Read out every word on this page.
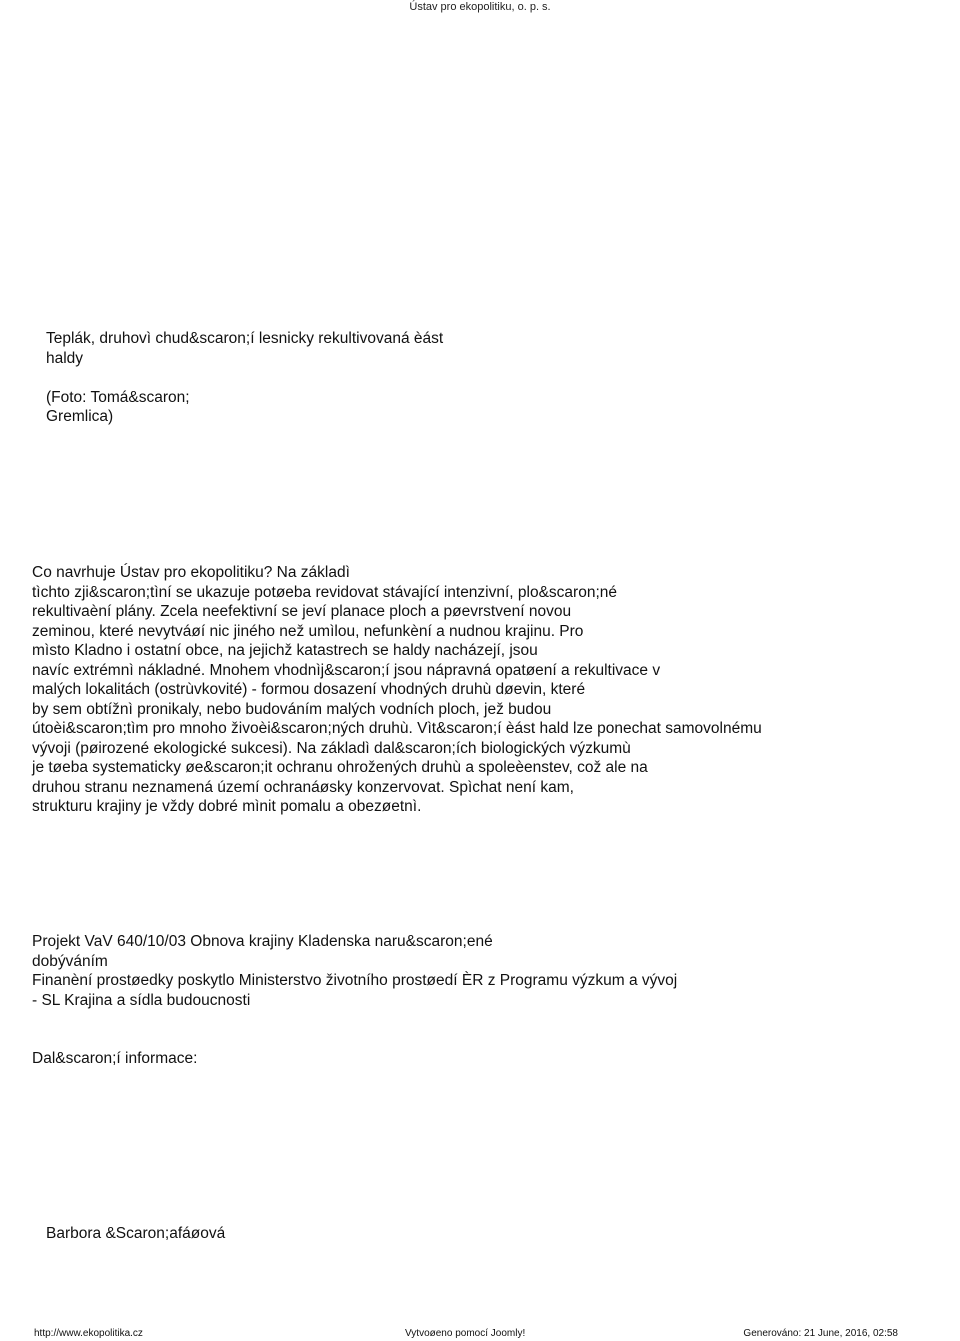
Ústav pro ekopolitiku, o. p. s.

Teplák, druhovì chud&scaron;í lesnicky rekultivovaná èást
haldy

(Foto: Tomá&scaron;
Gremlica)

Co navrhuje Ústav pro ekopolitiku? Na základì
tìchto zji&scaron;tìní se ukazuje potøeba revidovat stávající intenzivní, plo&scaron;né
rekultivaèní plány. Zcela neefektivní se jeví planace ploch a pøevrstvení novou
zeminou, které nevytváøí nic jiného než umìlou, nefunkèní a nudnou krajinu. Pro
mìsto Kladno i ostatní obce, na jejichž katastrech se haldy nacházejí, jsou
navíc extrémnì nákladné. Mnohem vhodnìj&scaron;í jsou nápravná opatøení a rekultivace v
malých lokalitách (ostrùvkovité) - formou dosazení vhodných druhù døevin, které
by sem obtížnì pronikaly, nebo budováním malých vodních ploch, jež budou
útoèi&scaron;tìm pro mnoho živoèi&scaron;ných druhù. Vìt&scaron;í èást hald lze ponechat samovolnému
vývoji (pøirozené ekologické sukcesi). Na základì dal&scaron;ích biologických výzkumù
je tøeba systematicky øe&scaron;it ochranu ohrožených druhù a spoleèenstev, což ale na
druhou stranu neznamená území ochranáøsky konzervovat. Spìchat není kam,
strukturu krajiny je vždy dobré mìnit pomalu a obezøetnì.
Projekt VaV 640/10/03 Obnova krajiny Kladenska naru&scaron;ené
dobýváním
Finanèní prostøedky poskytlo Ministerstvo životního prostøedí ÈR z Programu výzkum a vývoj
- SL Krajina a sídla budoucnosti
Dal&scaron;í informace:
Barbora &Scaron;afáøová
http://www.ekopolitika.cz	Vytvoøeno pomocí Joomly!	Generováno: 21 June, 2016, 02:58
